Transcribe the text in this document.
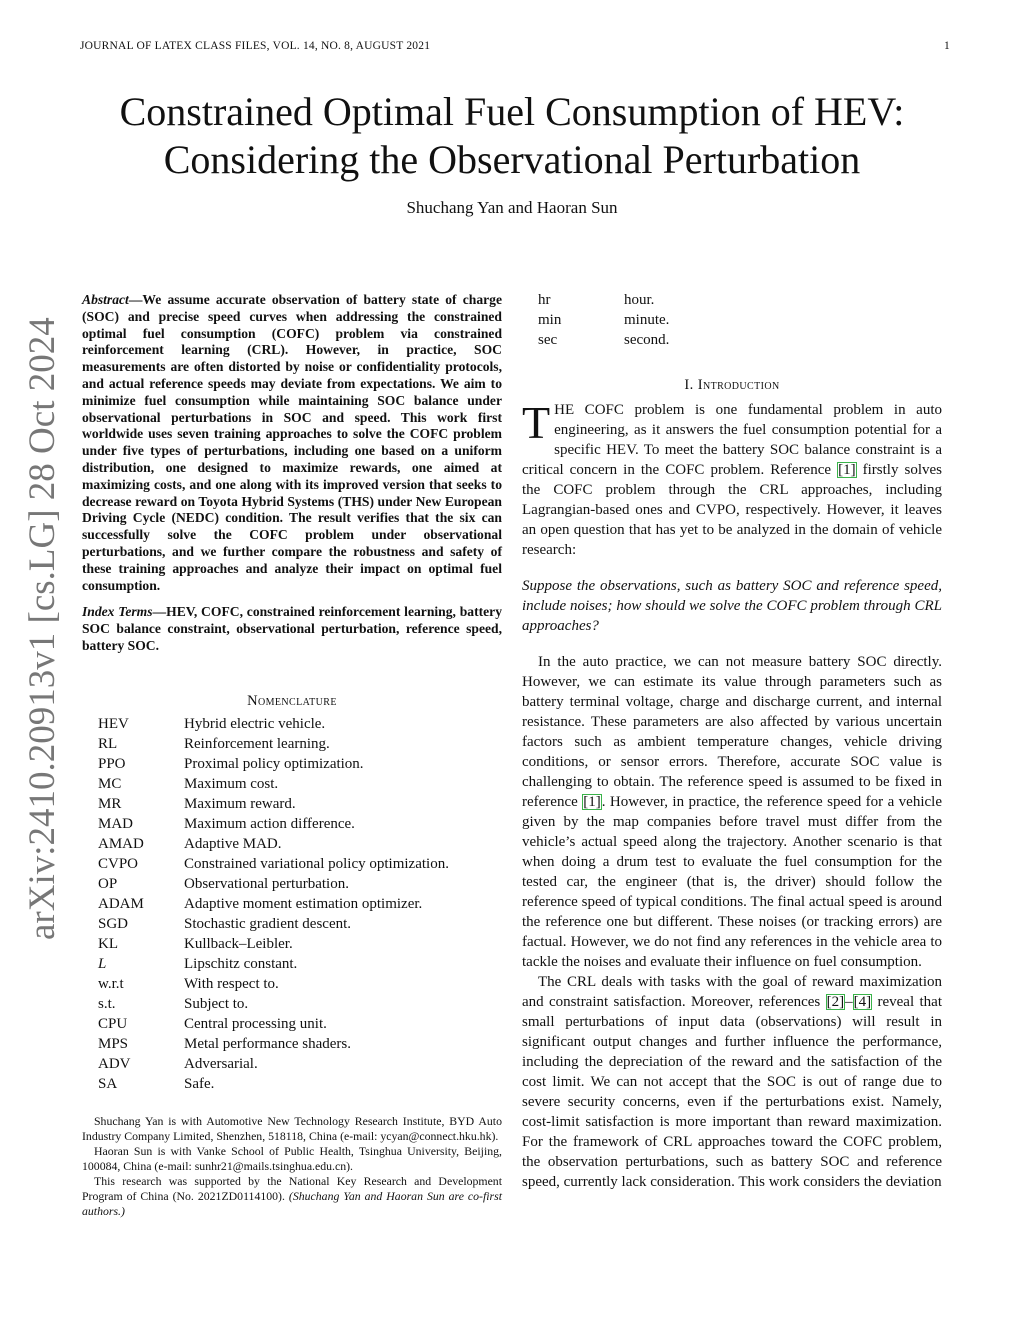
JOURNAL OF LATEX CLASS FILES, VOL. 14, NO. 8, AUGUST 2021	1
arXiv:2410.20913v1 [cs.LG] 28 Oct 2024
Constrained Optimal Fuel Consumption of HEV:
Considering the Observational Perturbation
Shuchang Yan and Haoran Sun

Abstract—We assume accurate observation of battery state of charge (SOC) and precise speed curves when addressing the constrained optimal fuel consumption (COFC) problem via constrained reinforcement learning (CRL). However, in practice, SOC measurements are often distorted by noise or confidentiality protocols, and actual reference speeds may deviate from expectations. We aim to minimize fuel consumption while maintaining SOC balance under observational perturbations in SOC and speed. This work first worldwide uses seven training approaches to solve the COFC problem under five types of perturbations, including one based on a uniform distribution, one designed to maximize rewards, one aimed at maximizing costs, and one along with its improved version that seeks to decrease reward on Toyota Hybrid Systems (THS) under New European Driving Cycle (NEDC) condition. The result verifies that the six can successfully solve the COFC problem under observational perturbations, and we further compare the robustness and safety of these training approaches and analyze their impact on optimal fuel consumption.

Index Terms—HEV, COFC, constrained reinforcement learning, battery SOC balance constraint, observational perturbation, reference speed, battery SOC.

Nomenclature

HEV	Hybrid electric vehicle.
RL	Reinforcement learning.
PPO	Proximal policy optimization.
MC	Maximum cost.
MR	Maximum reward.
MAD	Maximum action difference.
AMAD	Adaptive MAD.
CVPO	Constrained variational policy optimization.
OP	Observational perturbation.
ADAM	Adaptive moment estimation optimizer.
SGD	Stochastic gradient descent.
KL	Kullback–Leibler.
L	Lipschitz constant.
w.r.t	With respect to.
s.t.	Subject to.
CPU	Central processing unit.
MPS	Metal performance shaders.
ADV	Adversarial.
SA	Safe.

Shuchang Yan is with Automotive New Technology Research Institute, BYD Auto Industry Company Limited, Shenzhen, 518118, China (e-mail: ycyan@connect.hku.hk).

Haoran Sun is with Vanke School of Public Health, Tsinghua University, Beijing, 100084, China (e-mail: sunhr21@mails.tsinghua.edu.cn).

This research was supported by the National Key Research and Development Program of China (No. 2021ZD0114100). (Shuchang Yan and Haoran Sun are co-first authors.)

hr	hour.
min	minute.
sec	second.

I. Introduction

THE COFC problem is one fundamental problem in auto engineering, as it answers the fuel consumption potential for a specific HEV. To meet the battery SOC balance constraint is a critical concern in the COFC problem. Reference [1] firstly solves the COFC problem through the CRL approaches, including Lagrangian-based ones and CVPO, respectively. However, it leaves an open question that has yet to be analyzed in the domain of vehicle research:

Suppose the observations, such as battery SOC and reference speed, include noises; how should we solve the COFC problem through CRL approaches?

In the auto practice, we can not measure battery SOC directly. However, we can estimate its value through parameters such as battery terminal voltage, charge and discharge current, and internal resistance. These parameters are also affected by various uncertain factors such as ambient temperature changes, vehicle driving conditions, or sensor errors. Therefore, accurate SOC value is challenging to obtain. The reference speed is assumed to be fixed in reference [1]. However, in practice, the reference speed for a vehicle given by the map companies before travel must differ from the vehicle’s actual speed along the trajectory. Another scenario is that when doing a drum test to evaluate the fuel consumption for the tested car, the engineer (that is, the driver) should follow the reference speed of typical conditions. The final actual speed is around the reference one but different. These noises (or tracking errors) are factual. However, we do not find any references in the vehicle area to tackle the noises and evaluate their influence on fuel consumption.

The CRL deals with tasks with the goal of reward maximization and constraint satisfaction. Moreover, references [2]–[4] reveal that small perturbations of input data (observations) will result in significant output changes and further influence the performance, including the depreciation of the reward and the satisfaction of the cost limit. We can not accept that the SOC is out of range due to severe security concerns, even if the perturbations exist. Namely, cost-limit satisfaction is more important than reward maximization. For the framework of CRL approaches toward the COFC problem, the observation perturbations, such as battery SOC and reference speed, currently lack consideration. This work considers the deviation
